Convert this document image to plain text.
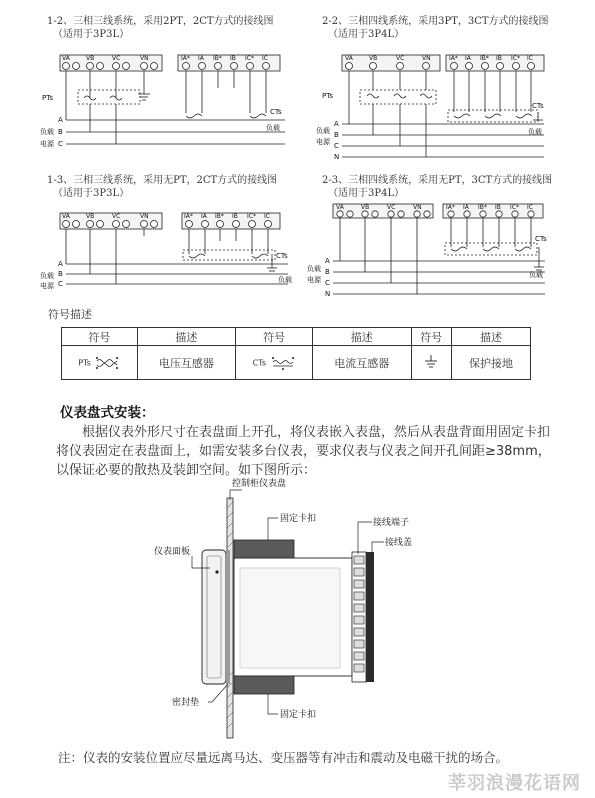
1-2、三相三线系统，采用2PT，2CT方式的接线图
（适用于3P3L）
VA	VB	VC	VN	IA* IA IB* IB IC* IC
PTs
CTs
A
B
C
负载
电源
负载
2-2、三相四线系统，采用3PT，3CT方式的接线图
（适用于3P4L）
VA	VB	VC	VN	IA* IA IB* IB IC* IC
PTs
CTs
A
B
C
N
负载
电源
负载
1-3、三相三线系统，采用无PT，2CT方式的接线图
（适用于3P3L）
VA	VB	VC	VN	IA* IA IB* IB IC* IC
CTs
A
B
C
负载
电源
负载
2-3、三相四线系统，采用无PT，3CT方式的接线图
（适用于3P4L）
VA	VB	VC	VN	IA* IA IB* IB IC* IC
CTs
A
B
C
N
负载
电源
负载
符号描述
符号	描述	符号	描述	符号	描述
PTs	电压互感器	CTs	电流互感器		保护接地
仪表盘式安装：
根据仪表外形尺寸在表盘面上开孔，将仪表嵌入表盘，然后从表盘背面用固定卡扣将仪表固定在表盘面上，如需安装多台仪表，要求仪表与仪表之间开孔间距≥38mm，以保证必要的散热及装卸空间。如下图所示：
控制柜仪表盘
固定卡扣	接线端子
接线盖
仪表面板
密封垫
固定卡扣
注：仪表的安装位置应尽量远离马达、变压器等有冲击和震动及电磁干扰的场合。
莘羽浪漫花语网
